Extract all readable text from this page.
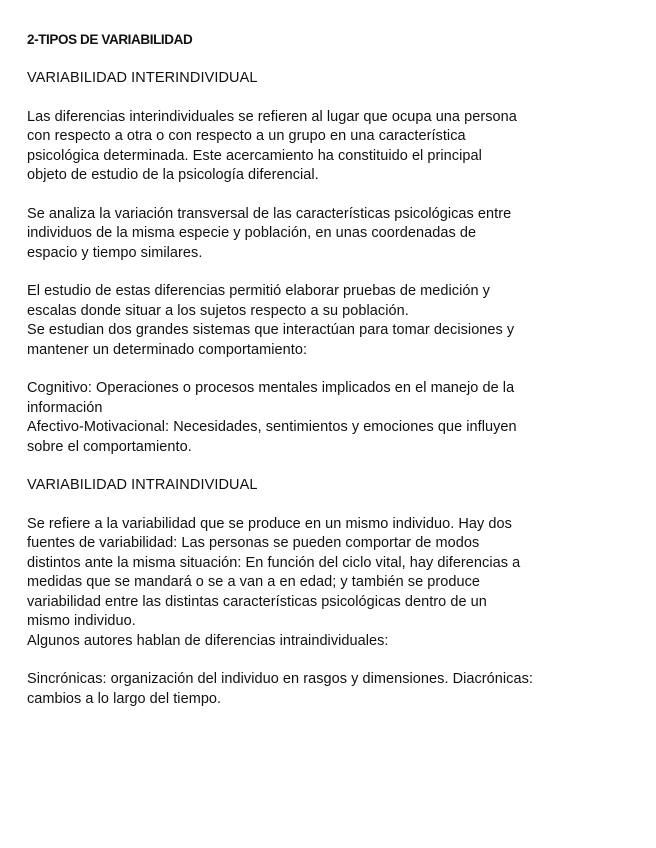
2-TIPOS DE VARIABILIDAD
VARIABILIDAD INTERINDIVIDUAL
Las diferencias interindividuales se refieren al lugar que ocupa una persona
con respecto a otra o con respecto a un grupo en una característica
psicológica determinada. Este acercamiento ha constituido el principal
objeto de estudio de la psicología diferencial.
Se analiza la variación transversal de las características psicológicas entre
individuos de la misma especie y población, en unas coordenadas de
espacio y tiempo similares.
El estudio de estas diferencias permitió elaborar pruebas de medición y
escalas donde situar a los sujetos respecto a su población.
Se estudian dos grandes sistemas que interactúan para tomar decisiones y
mantener un determinado comportamiento:
Cognitivo: Operaciones o procesos mentales implicados en el manejo de la
información
Afectivo-Motivacional: Necesidades, sentimientos y emociones que influyen
sobre el comportamiento.
VARIABILIDAD INTRAINDIVIDUAL
Se refiere a la variabilidad que se produce en un mismo individuo. Hay dos
fuentes de variabilidad: Las personas se pueden comportar de modos
distintos ante la misma situación: En función del ciclo vital, hay diferencias a
medidas que se mandará o se a van a en edad; y también se produce
variabilidad entre las distintas características psicológicas dentro de un
mismo individuo.
Algunos autores hablan de diferencias intraindividuales:
Sincrónicas: organización del individuo en rasgos y dimensiones. Diacrónicas:
cambios a lo largo del tiempo.
